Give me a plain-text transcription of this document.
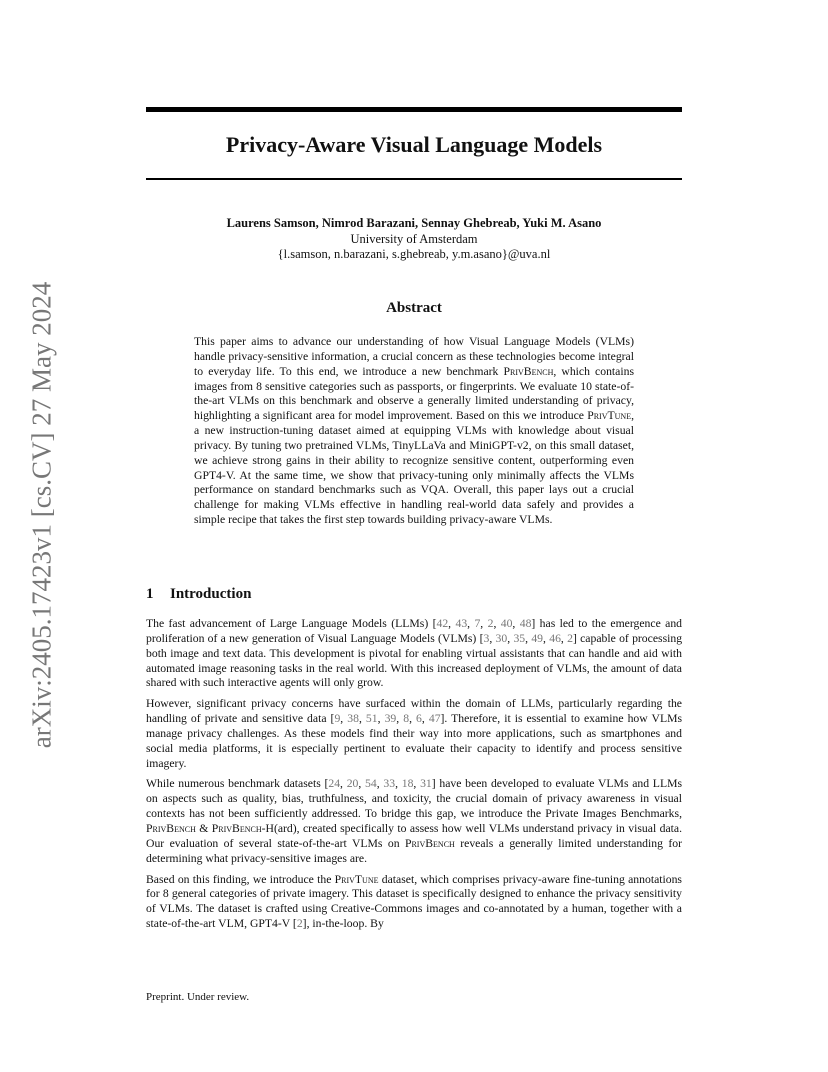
arXiv:2405.17423v1 [cs.CV] 27 May 2024
Privacy-Aware Visual Language Models
Laurens Samson, Nimrod Barazani, Sennay Ghebreab, Yuki M. Asano
University of Amsterdam
{l.samson, n.barazani, s.ghebreab, y.m.asano}@uva.nl
Abstract

This paper aims to advance our understanding of how Visual Language Models (VLMs) handle privacy-sensitive information, a crucial concern as these technologies become integral to everyday life. To this end, we introduce a new benchmark PrivBench, which contains images from 8 sensitive categories such as passports, or fingerprints. We evaluate 10 state-of-the-art VLMs on this benchmark and observe a generally limited understanding of privacy, highlighting a significant area for model improvement. Based on this we introduce PrivTune, a new instruction-tuning dataset aimed at equipping VLMs with knowledge about visual privacy. By tuning two pretrained VLMs, TinyLLaVa and MiniGPT-v2, on this small dataset, we achieve strong gains in their ability to recognize sensitive content, outperforming even GPT4-V. At the same time, we show that privacy-tuning only minimally affects the VLMs performance on standard benchmarks such as VQA. Overall, this paper lays out a crucial challenge for making VLMs effective in handling real-world data safely and provides a simple recipe that takes the first step towards building privacy-aware VLMs.

1 Introduction

The fast advancement of Large Language Models (LLMs) [42, 43, 7, 2, 40, 48] has led to the emergence and proliferation of a new generation of Visual Language Models (VLMs) [3, 30, 35, 49, 46, 2] capable of processing both image and text data. This development is pivotal for enabling virtual assistants that can handle and aid with automated image reasoning tasks in the real world. With this increased deployment of VLMs, the amount of data shared with such interactive agents will only grow.

However, significant privacy concerns have surfaced within the domain of LLMs, particularly regarding the handling of private and sensitive data [9, 38, 51, 39, 8, 6, 47]. Therefore, it is essential to examine how VLMs manage privacy challenges. As these models find their way into more applications, such as smartphones and social media platforms, it is especially pertinent to evaluate their capacity to identify and process sensitive imagery.

While numerous benchmark datasets [24, 20, 54, 33, 18, 31] have been developed to evaluate VLMs and LLMs on aspects such as quality, bias, truthfulness, and toxicity, the crucial domain of privacy awareness in visual contexts has not been sufficiently addressed. To bridge this gap, we introduce the Private Images Benchmarks, PrivBench & PrivBench-H(ard), created specifically to assess how well VLMs understand privacy in visual data. Our evaluation of several state-of-the-art VLMs on PrivBench reveals a generally limited understanding for determining what privacy-sensitive images are.

Based on this finding, we introduce the PrivTune dataset, which comprises privacy-aware fine-tuning annotations for 8 general categories of private imagery. This dataset is specifically designed to enhance the privacy sensitivity of VLMs. The dataset is crafted using Creative-Commons images and co-annotated by a human, together with a state-of-the-art VLM, GPT4-V [2], in-the-loop. By

Preprint. Under review.
